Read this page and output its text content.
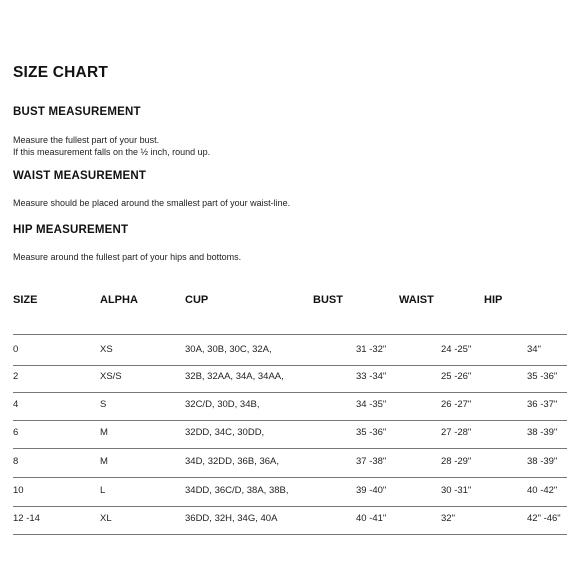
SIZE CHART
BUST MEASUREMENT
Measure the fullest part of your bust.
If this measurement falls on the ½ inch, round up.
WAIST MEASUREMENT
Measure should be placed around the smallest part of your waist-line.
HIP MEASUREMENT
Measure around the fullest part of your hips and bottoms.
SIZE	ALPHA	CUP	BUST	WAIST	HIP
0	XS	30A, 30B, 30C, 32A,	31 -32"	24 -25"	34"
2	XS/S	32B, 32AA, 34A, 34AA,	33 -34"	25 -26"	35 -36"
4	S	32C/D, 30D, 34B,	34 -35"	26 -27"	36 -37"
6	M	32DD, 34C, 30DD,	35 -36"	27 -28"	38 -39"
8	M	34D, 32DD, 36B, 36A,	37 -38"	28 -29"	38 -39"
10	L	34DD, 36C/D, 38A, 38B,	39 -40"	30 -31"	40 -42"
12 -14	XL	36DD, 32H, 34G, 40A	40 -41"	32"	42" -46"
